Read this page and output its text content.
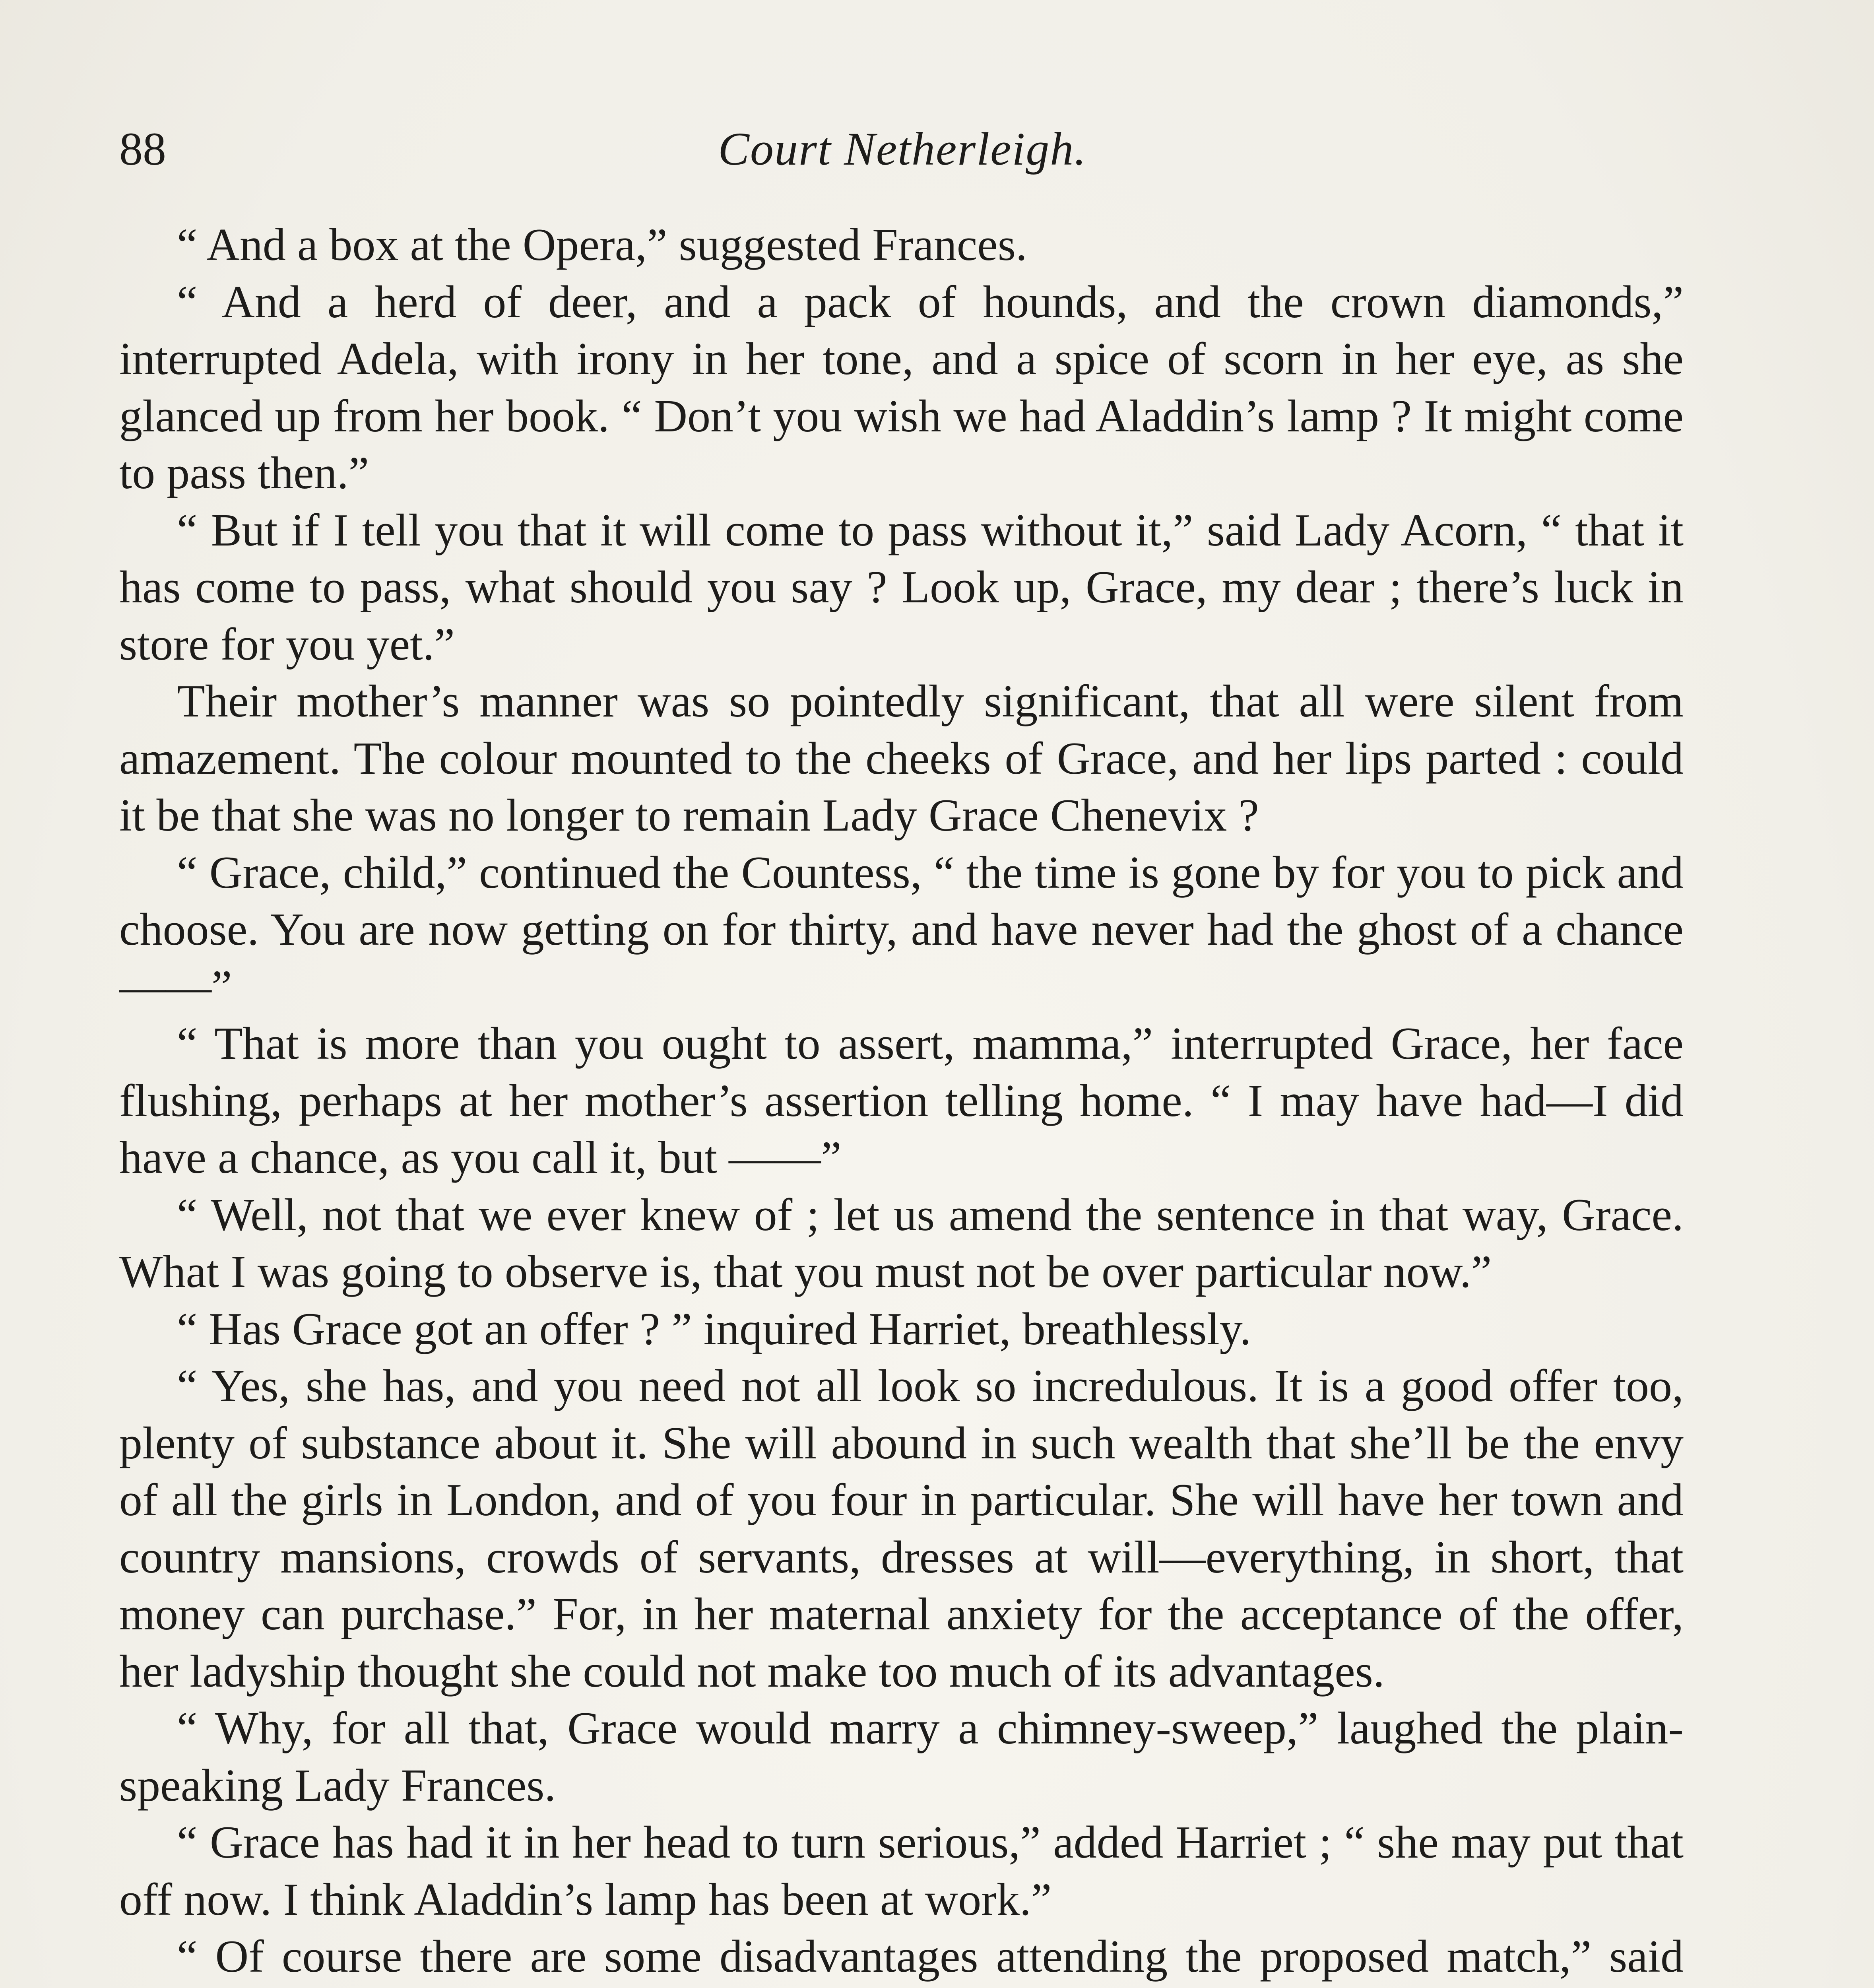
88	Court Netherleigh.

“ And a box at the Opera,” suggested Frances.

“ And a herd of deer, and a pack of hounds, and the crown diamonds,” interrupted Adela, with irony in her tone, and a spice of scorn in her eye, as she glanced up from her book. “ Don’t you wish we had Aladdin’s lamp ? It might come to pass then.”

“ But if I tell you that it will come to pass without it,” said Lady Acorn, “ that it has come to pass, what should you say ? Look up, Grace, my dear ; there’s luck in store for you yet.”

Their mother’s manner was so pointedly significant, that all were silent from amazement. The colour mounted to the cheeks of Grace, and her lips parted : could it be that she was no longer to remain Lady Grace Chenevix ?

“ Grace, child,” continued the Countess, “ the time is gone by for you to pick and choose. You are now getting on for thirty, and have never had the ghost of a chance ——”

“ That is more than you ought to assert, mamma,” interrupted Grace, her face flushing, perhaps at her mother’s assertion telling home. “ I may have had—I did have a chance, as you call it, but ——”

“ Well, not that we ever knew of ; let us amend the sentence in that way, Grace. What I was going to observe is, that you must not be over particular now.”

“ Has Grace got an offer ? ” inquired Harriet, breathlessly.

“ Yes, she has, and you need not all look so incredulous. It is a good offer too, plenty of substance about it. She will abound in such wealth that she’ll be the envy of all the girls in London, and of you four in particular. She will have her town and country mansions, crowds of servants, dresses at will—everything, in short, that money can purchase.” For, in her maternal anxiety for the acceptance of the offer, her ladyship thought she could not make too much of its advantages.

“ Why, for all that, Grace would marry a chimney-sweep,” laughed the plain-speaking Lady Frances.

“ Grace has had it in her head to turn serious,” added Harriet ; “ she may put that off now. I think Aladdin’s lamp has been at work.”

“ Of course there are some disadvantages attending the proposed match,” said
